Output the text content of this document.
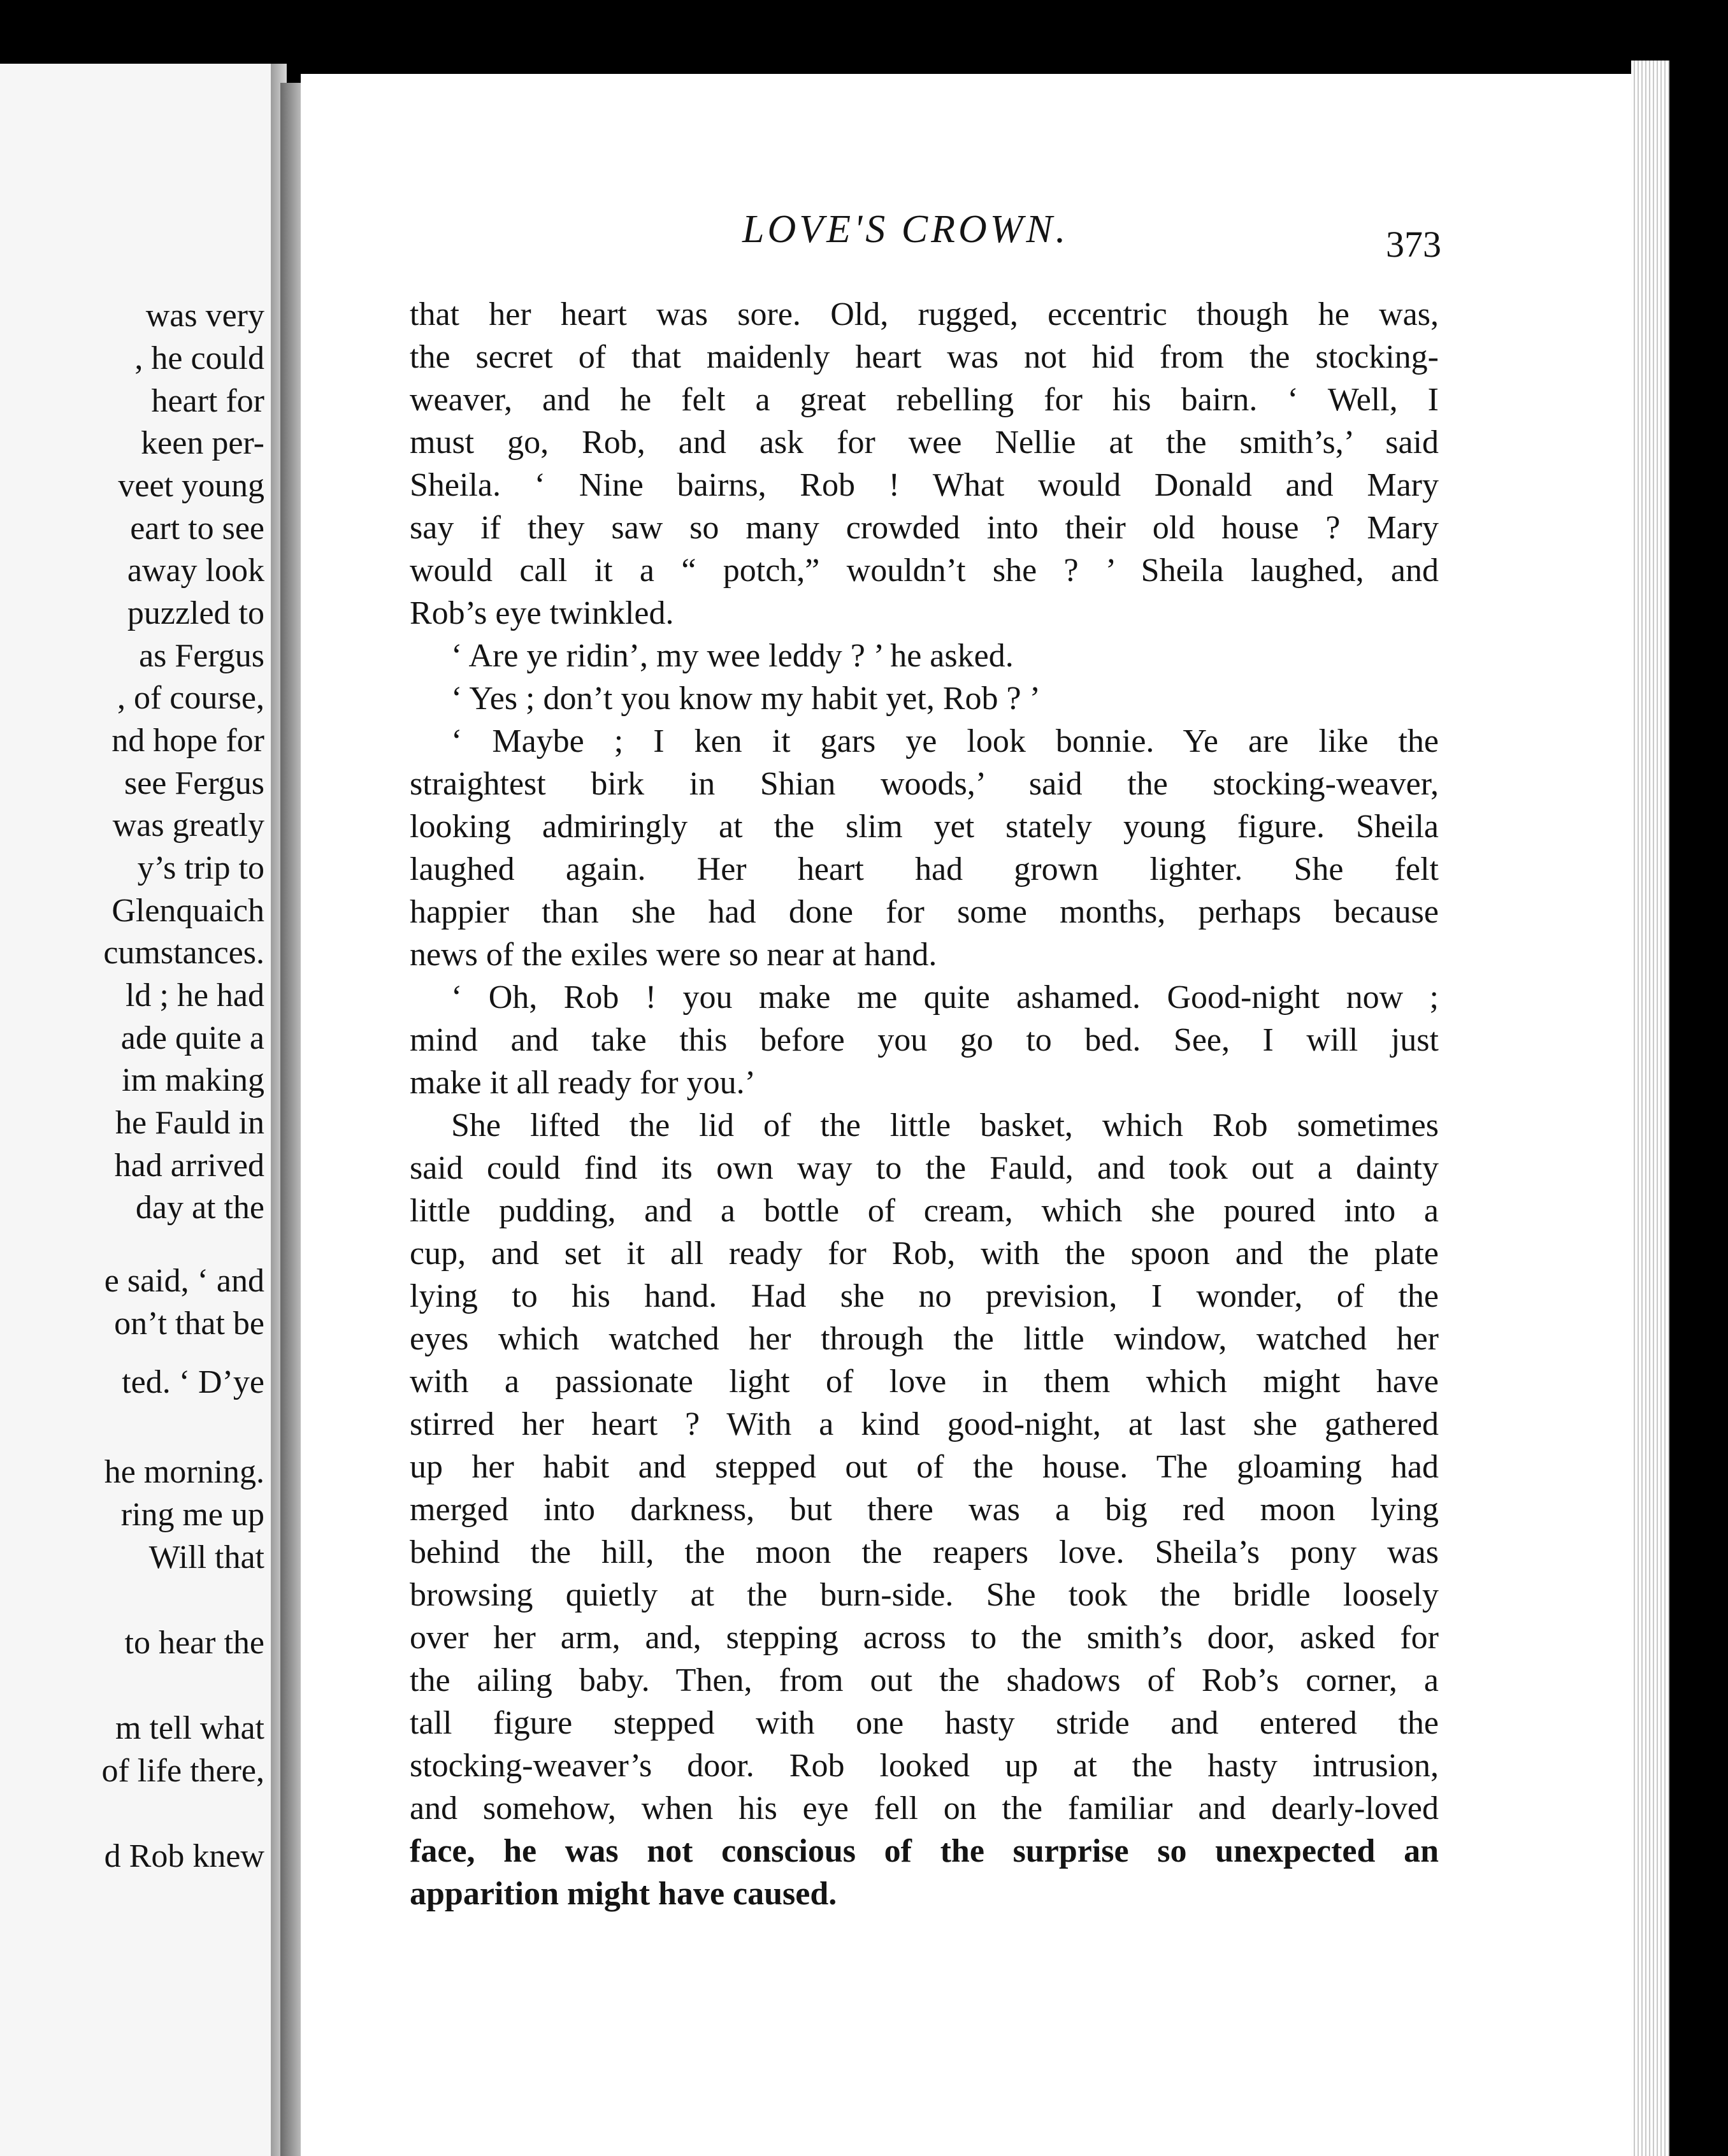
was very
, he could
heart for
keen per-
veet young
eart to see
away look
puzzled to
as Fergus
, of course,
nd hope for
see Fergus
was greatly
y’s trip to
Glenquaich
cumstances.
ld ; he had
ade quite a
im making
he Fauld in
had arrived
day at the
e said, ‘ and
on’t that be
ted. ‘ D’ye
he morning.
ring me up
Will that
to hear the
m tell what
of life there,
d Rob knew
LOVE'S CROWN.	373
that her heart was sore. Old, rugged, eccentric though he was,
the secret of that maidenly heart was not hid from the stocking-
weaver, and he felt a great rebelling for his bairn. ‘ Well, I
must go, Rob, and ask for wee Nellie at the smith’s,’ said
Sheila. ‘ Nine bairns, Rob ! What would Donald and Mary
say if they saw so many crowded into their old house ? Mary
would call it a “ potch,” wouldn’t she ? ’ Sheila laughed, and
Rob’s eye twinkled.
‘ Are ye ridin’, my wee leddy ? ’ he asked.
‘ Yes ; don’t you know my habit yet, Rob ? ’
‘ Maybe ; I ken it gars ye look bonnie. Ye are like the
straightest birk in Shian woods,’ said the stocking-weaver,
looking admiringly at the slim yet stately young figure. Sheila
laughed again. Her heart had grown lighter. She felt
happier than she had done for some months, perhaps because
news of the exiles were so near at hand.
‘ Oh, Rob ! you make me quite ashamed. Good-night now ;
mind and take this before you go to bed. See, I will just
make it all ready for you.’
She lifted the lid of the little basket, which Rob sometimes
said could find its own way to the Fauld, and took out a dainty
little pudding, and a bottle of cream, which she poured into a
cup, and set it all ready for Rob, with the spoon and the plate
lying to his hand. Had she no prevision, I wonder, of the
eyes which watched her through the little window, watched her
with a passionate light of love in them which might have
stirred her heart ? With a kind good-night, at last she gathered
up her habit and stepped out of the house. The gloaming had
merged into darkness, but there was a big red moon lying
behind the hill, the moon the reapers love. Sheila’s pony was
browsing quietly at the burn-side. She took the bridle loosely
over her arm, and, stepping across to the smith’s door, asked for
the ailing baby. Then, from out the shadows of Rob’s corner, a
tall figure stepped with one hasty stride and entered the
stocking-weaver’s door. Rob looked up at the hasty intrusion,
and somehow, when his eye fell on the familiar and dearly-loved
face, he was not conscious of the surprise so unexpected an
apparition might have caused.
